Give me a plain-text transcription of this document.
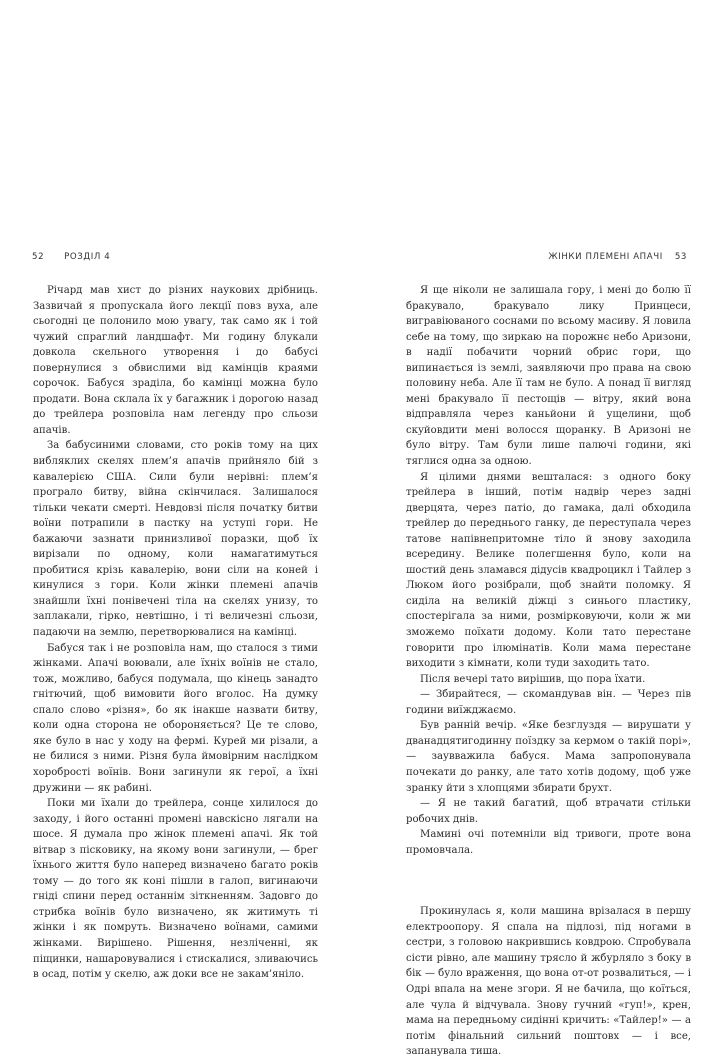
52 РОЗДІЛ 4

Річард мав хист до різних наукових дрібниць. Зазвичай я пропускала його лекції повз вуха, але сьогодні це полонило мою увагу, так само як і той чужий спраглий ландшафт. Ми годину блукали довкола скельного утворення і до бабусі повернулися з обвислими від камінців краями сорочок. Бабуся зраділа, бо камінці можна було продати. Вона склала їх у багажник і дорогою назад до трейлера розповіла нам легенду про сльози апачів.

За бабусиними словами, сто років тому на цих вибляклих скелях плем’я апачів прийняло бій з кавалерією США. Сили були нерівні: плем’я програло битву, війна скінчилася. Залишалося тільки чекати смерті. Невдовзі після початку битви воїни потрапили в пастку на уступі гори. Не бажаючи зазнати принизливої поразки, щоб їх вирізали по одному, коли намагатимуться пробитися крізь кавалерію, вони сіли на коней і кинулися з гори. Коли жінки племені апачів знайшли їхні понівечені тіла на скелях унизу, то заплакали, гірко, невтішно, і ті величезні сльози, падаючи на землю, перетворювалися на камінці.

Бабуся так і не розповіла нам, що сталося з тими жінками. Апачі воювали, але їхніх воїнів не стало, тож, можливо, бабуся подумала, що кінець занадто гнітючий, щоб вимовити його вголос. На думку спало слово «різня», бо як інакше назвати битву, коли одна сторона не обороняється? Це те слово, яке було в нас у ходу на фермі. Курей ми різали, а не билися з ними. Різня була ймовірним наслідком хоробрості воїнів. Вони загинули як герої, а їхні дружини — як рабині.

Поки ми їхали до трейлера, сонце хилилося до заходу, і його останні промені навскісно лягали на шосе. Я думала про жінок племені апачі. Як той вітвар з пісковику, на якому вони загинули, — брег їхнього життя було наперед визначено багато років тому — до того як коні пішли в галоп, вигинаючи гніді спини перед останнім зіткненням. Задовго до стрибка воїнів було визначено, як житимуть ті жінки і як помруть. Визначено воїнами, самими жінками. Вирішено. Рішення, незліченні, як піщинки, нашаровувалися і стискалися, зливаючись в осад, потім у скелю, аж доки все не закам’яніло.

ЖІНКИ ПЛЕМЕНІ АПАЧІ 53

Я ще ніколи не залишала гору, і мені до болю її бракувало, бракувало лику Принцеси, вигравіюваного соснами по всьому масиву. Я ловила себе на тому, що зиркаю на порожнє небо Аризони, в надії побачити чорний обрис гори, що випинається із землі, заявляючи про права на свою половину неба. Але її там не було. А понад її вигляд мені бракувало її пестощів — вітру, який вона відправляла через каньйони й ущелини, щоб скуйовдити мені волосся щоранку. В Аризоні не було вітру. Там були лише палючі години, які тяглися одна за одною.

Я цілими днями вешталася: з одного боку трейлера в інший, потім надвір через задні дверцята, через патіо, до гамака, далі обходила трейлер до переднього ганку, де переступала через татове напівнепритомне тіло й знову заходила всередину. Велике полегшення було, коли на шостий день зламався дідусів квадроцикл і Тайлер з Люком його розібрали, щоб знайти поломку. Я сиділа на великій діжці з синього пластику, спостерігала за ними, розмірковуючи, коли ж ми зможемо поїхати додому. Коли тато перестане говорити про ілюмінатів. Коли мама перестане виходити з кімнати, коли туди заходить тато.

Після вечері тато вирішив, що пора їхати.

— Збирайтеся, — скомандував він. — Через пів години виїжджаємо.

Був ранній вечір. «Яке безглуздя — вирушати у дванадцятигодинну поїздку за кермом о такій порі», — заувважила бабуся. Мама запропонувала почекати до ранку, але тато хотів додому, щоб уже зранку йти з хлопцями збирати брухт.

— Я не такий багатий, щоб втрачати стільки робочих днів.

Мамині очі потемніли від тривоги, проте вона промовчала.

Прокинулась я, коли машина врізалася в першу електроопору. Я спала на підлозі, під ногами в сестри, з головою накрившись ковдрою. Спробувала сісти рівно, але машину трясло й жбурляло з боку в бік — було враження, що вона от-от розвалиться, — і Одрі впала на мене згори. Я не бачила, що коїться, але чула й відчувала. Знову гучний «гуп!», крен, мама на передньому сидінні кричить: «Тайлер!» — а потім фінальний сильний поштовх — і все, запанувала тиша.
